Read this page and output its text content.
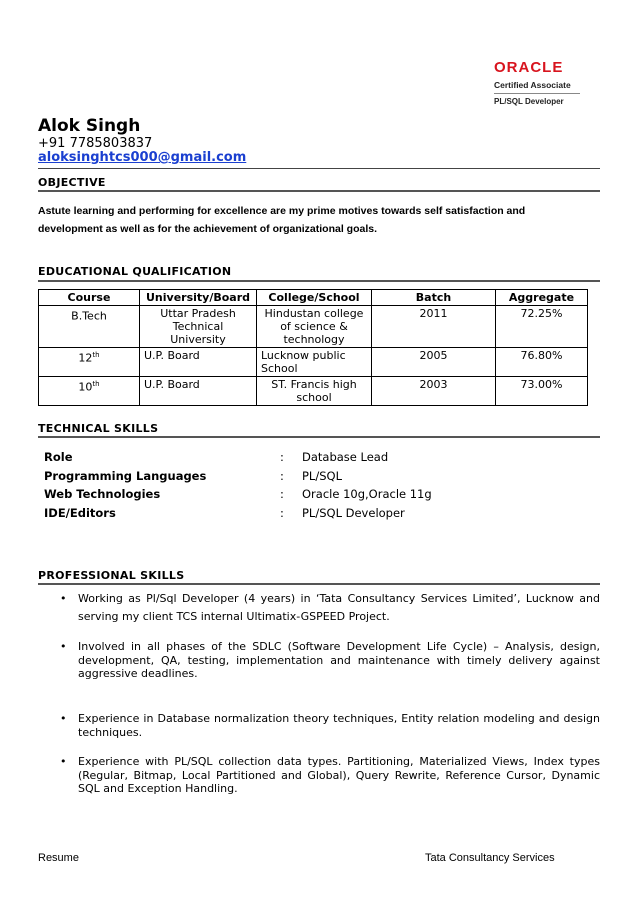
ORACLE
Certified Associate
PL/SQL Developer
Alok Singh
+91 7785803837
aloksinghtcs000@gmail.com
OBJECTIVE
Astute learning and performing for excellence are my prime motives towards self satisfaction and
development as well as for the achievement of organizational goals.
EDUCATIONAL QUALIFICATION
Course	University/Board	College/School	Batch	Aggregate
B.Tech	Uttar Pradesh Technical University	Hindustan college of science & technology	2011	72.25%
12th	U.P. Board	Lucknow public School	2005	76.80%
10th	U.P. Board	ST. Francis high school	2003	73.00%
TECHNICAL SKILLS
Role	: Database Lead
Programming Languages	: PL/SQL
Web Technologies	: Oracle 10g,Oracle 11g
IDE/Editors	: PL/SQL Developer
PROFESSIONAL SKILLS
• Working as Pl/Sql Developer (4 years) in ‘Tata Consultancy Services Limited’, Lucknow and serving my client TCS internal Ultimatix-GSPEED Project.
• Involved in all phases of the SDLC (Software Development Life Cycle) – Analysis, design, development, QA, testing, implementation and maintenance with timely delivery against aggressive deadlines.
• Experience in Database normalization theory techniques, Entity relation modeling and design techniques.
• Experience with PL/SQL collection data types. Partitioning, Materialized Views, Index types (Regular, Bitmap, Local Partitioned and Global), Query Rewrite, Reference Cursor, Dynamic SQL and Exception Handling.
Resume	Tata Consultancy Services
